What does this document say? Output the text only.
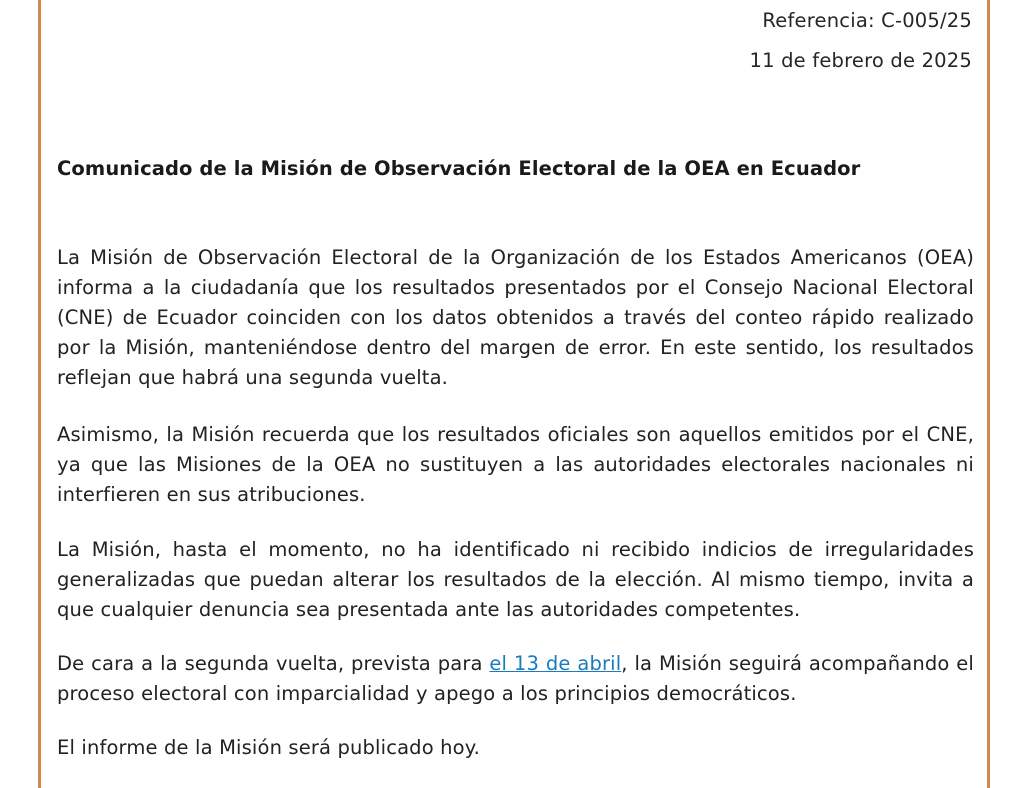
Referencia: C-005/25
11 de febrero de 2025
Comunicado de la Misión de Observación Electoral de la OEA en Ecuador

La Misión de Observación Electoral de la Organización de los Estados Americanos (OEA) informa a la ciudadanía que los resultados presentados por el Consejo Nacional Electoral (CNE) de Ecuador coinciden con los datos obtenidos a través del conteo rápido realizado por la Misión, manteniéndose dentro del margen de error. En este sentido, los resultados reflejan que habrá una segunda vuelta.

Asimismo, la Misión recuerda que los resultados oficiales son aquellos emitidos por el CNE, ya que las Misiones de la OEA no sustituyen a las autoridades electorales nacionales ni interfieren en sus atribuciones.

La Misión, hasta el momento, no ha identificado ni recibido indicios de irregularidades generalizadas que puedan alterar los resultados de la elección. Al mismo tiempo, invita a que cualquier denuncia sea presentada ante las autoridades competentes.

De cara a la segunda vuelta, prevista para el 13 de abril, la Misión seguirá acompañando el proceso electoral con imparcialidad y apego a los principios democráticos.

El informe de la Misión será publicado hoy.
